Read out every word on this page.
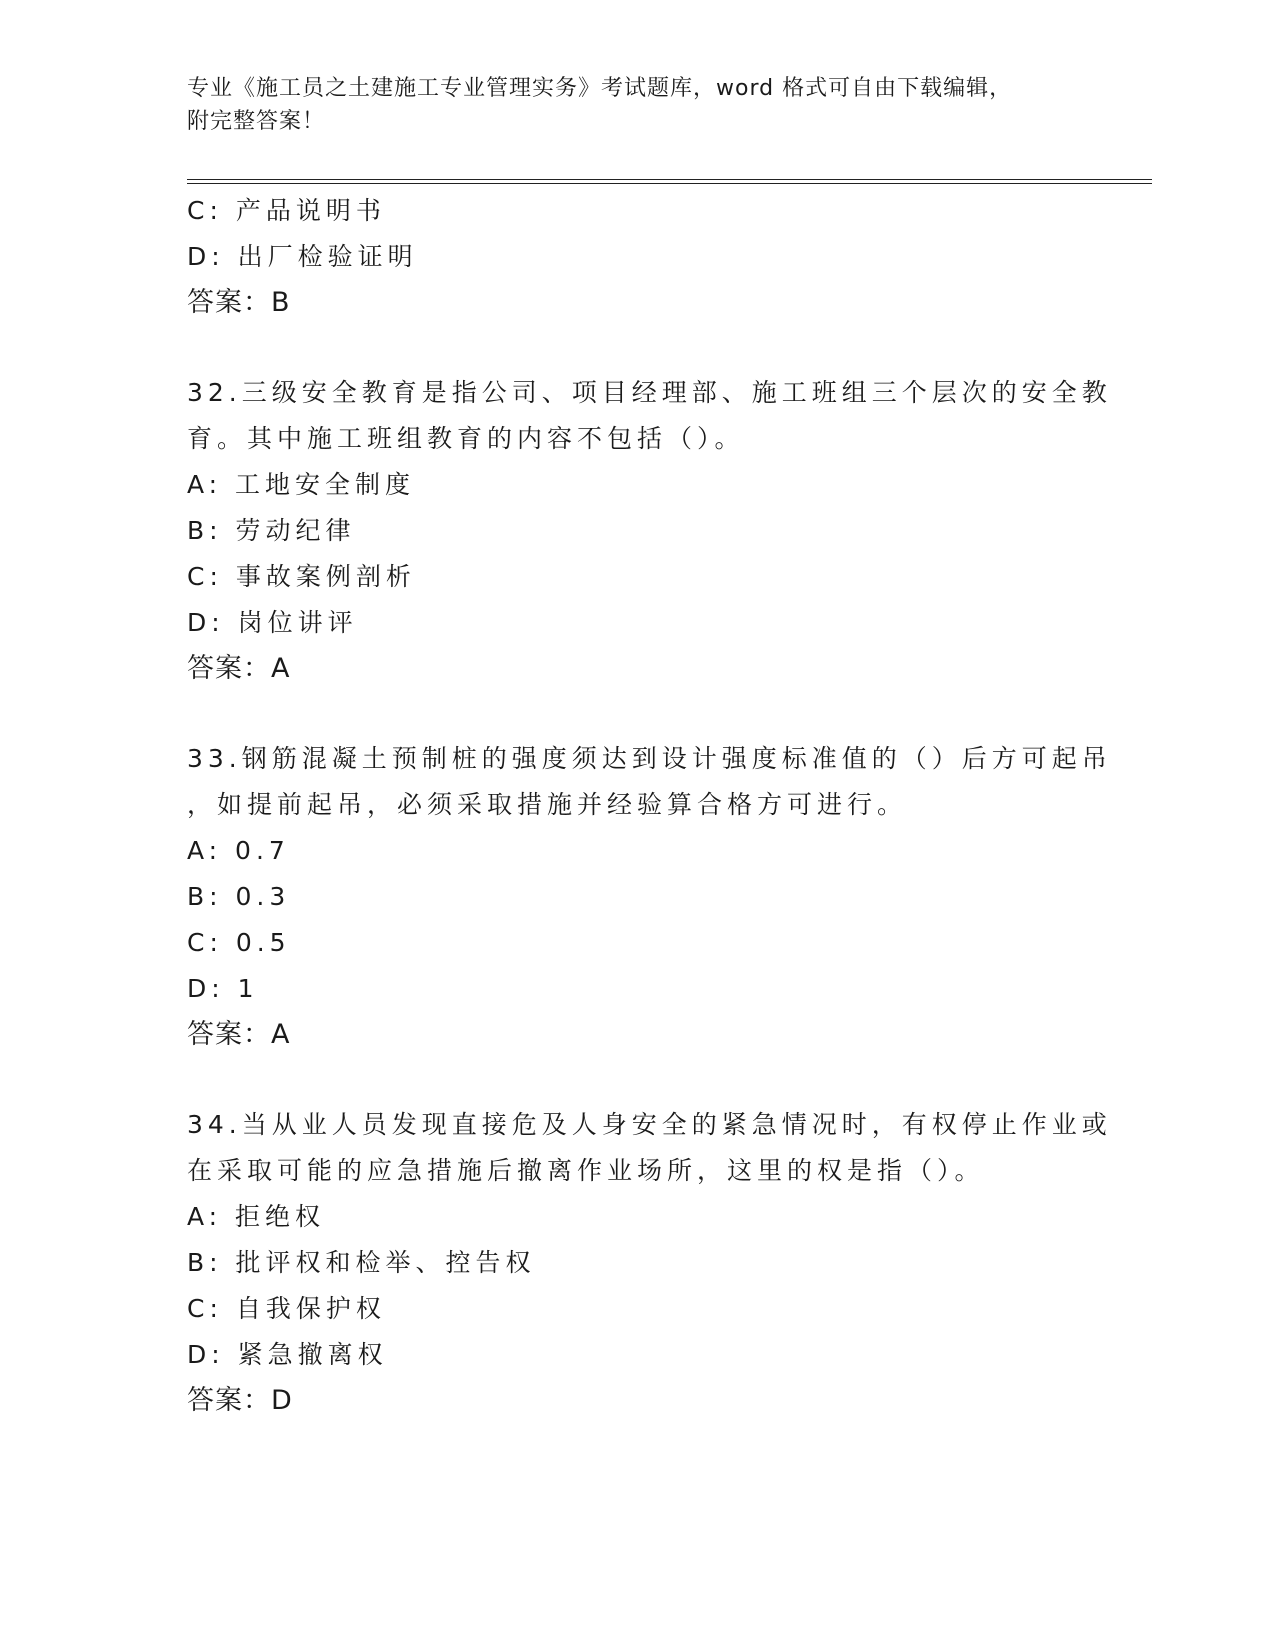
专业《施工员之土建施工专业管理实务》考试题库，word 格式可自由下载编辑，
附完整答案！
C: 产品说明书
D: 出厂检验证明
答案：B
32.三级安全教育是指公司、项目经理部、施工班组三个层次的安全教
育。其中施工班组教育的内容不包括（）。
A: 工地安全制度
B: 劳动纪律
C: 事故案例剖析
D: 岗位讲评
答案：A
33.钢筋混凝土预制桩的强度须达到设计强度标准值的（）后方可起吊
，如提前起吊，必须采取措施并经验算合格方可进行。
A: 0.7
B: 0.3
C: 0.5
D: 1
答案：A
34.当从业人员发现直接危及人身安全的紧急情况时，有权停止作业或
在采取可能的应急措施后撤离作业场所，这里的权是指（）。
A: 拒绝权
B: 批评权和检举、控告权
C: 自我保护权
D: 紧急撤离权
答案：D
